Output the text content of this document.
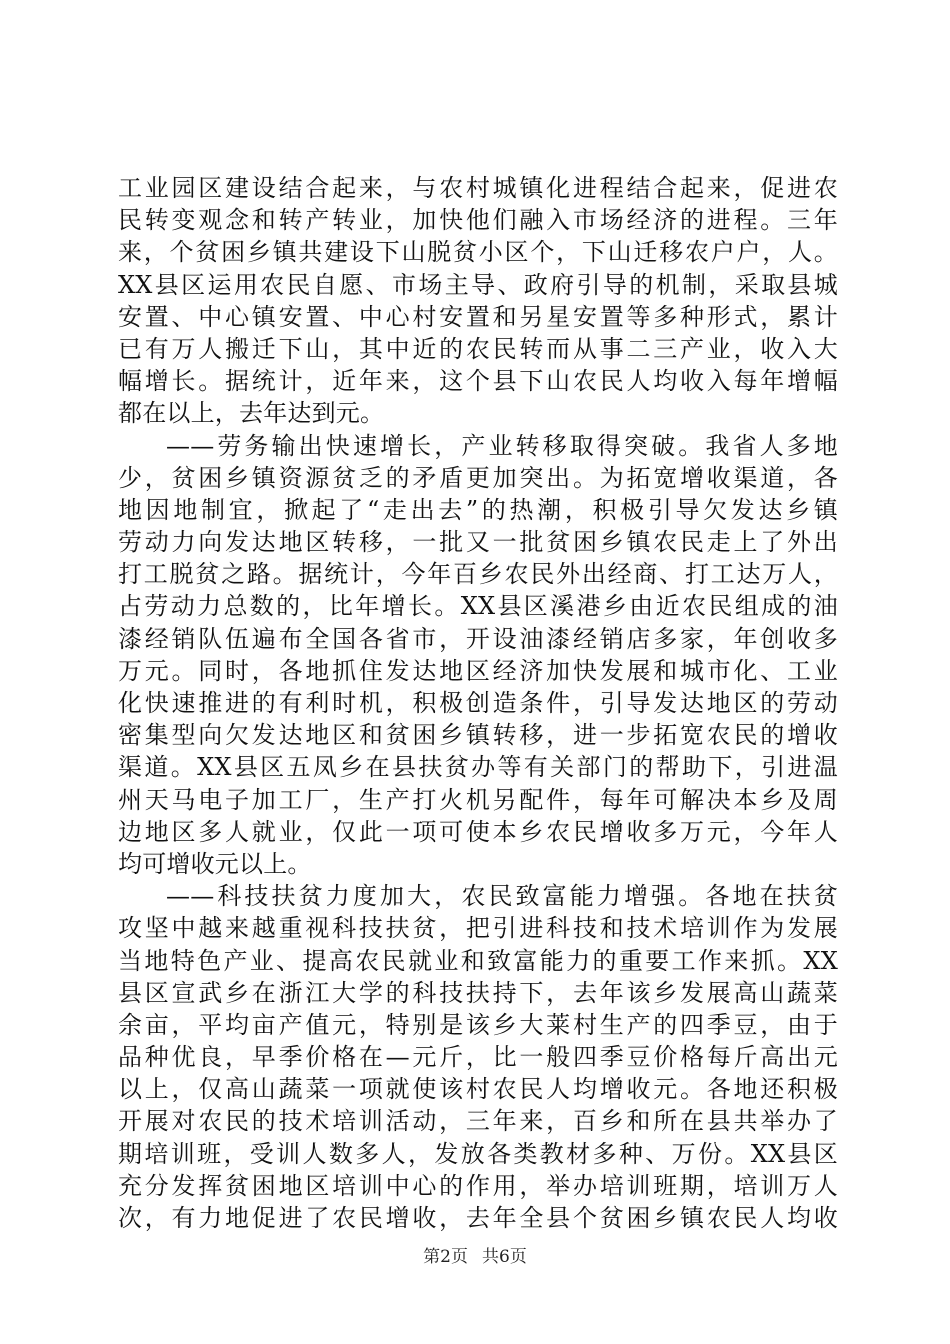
工业园区建设结合起来，与农村城镇化进程结合起来，促进农
民转变观念和转产转业，加快他们融入市场经济的进程。三年
来，个贫困乡镇共建设下山脱贫小区个，下山迁移农户户，人。
XX县区运用农民自愿、市场主导、政府引导的机制，采取县城
安置、中心镇安置、中心村安置和另星安置等多种形式，累计
已有万人搬迁下山，其中近的农民转而从事二三产业，收入大
幅增长。据统计，近年来，这个县下山农民人均收入每年增幅
都在以上，去年达到元。
——劳务输出快速增长，产业转移取得突破。我省人多地
少，贫困乡镇资源贫乏的矛盾更加突出。为拓宽增收渠道，各
地因地制宜，掀起了“走出去”的热潮，积极引导欠发达乡镇
劳动力向发达地区转移，一批又一批贫困乡镇农民走上了外出
打工脱贫之路。据统计，今年百乡农民外出经商、打工达万人，
占劳动力总数的，比年增长。XX县区溪港乡由近农民组成的油
漆经销队伍遍布全国各省市，开设油漆经销店多家，年创收多
万元。同时，各地抓住发达地区经济加快发展和城市化、工业
化快速推进的有利时机，积极创造条件，引导发达地区的劳动
密集型向欠发达地区和贫困乡镇转移，进一步拓宽农民的增收
渠道。XX县区五凤乡在县扶贫办等有关部门的帮助下，引进温
州天马电子加工厂，生产打火机另配件，每年可解决本乡及周
边地区多人就业，仅此一项可使本乡农民增收多万元，今年人
均可增收元以上。
——科技扶贫力度加大，农民致富能力增强。各地在扶贫
攻坚中越来越重视科技扶贫，把引进科技和技术培训作为发展
当地特色产业、提高农民就业和致富能力的重要工作来抓。XX
县区宣武乡在浙江大学的科技扶持下，去年该乡发展高山蔬菜
余亩，平均亩产值元，特别是该乡大莱村生产的四季豆，由于
品种优良，早季价格在—元斤，比一般四季豆价格每斤高出元
以上，仅高山蔬菜一项就使该村农民人均增收元。各地还积极
开展对农民的技术培训活动，三年来，百乡和所在县共举办了
期培训班，受训人数多人，发放各类教材多种、万份。XX县区
充分发挥贫困地区培训中心的作用，举办培训班期，培训万人
次，有力地促进了农民增收，去年全县个贫困乡镇农民人均收
第2页 共6页
